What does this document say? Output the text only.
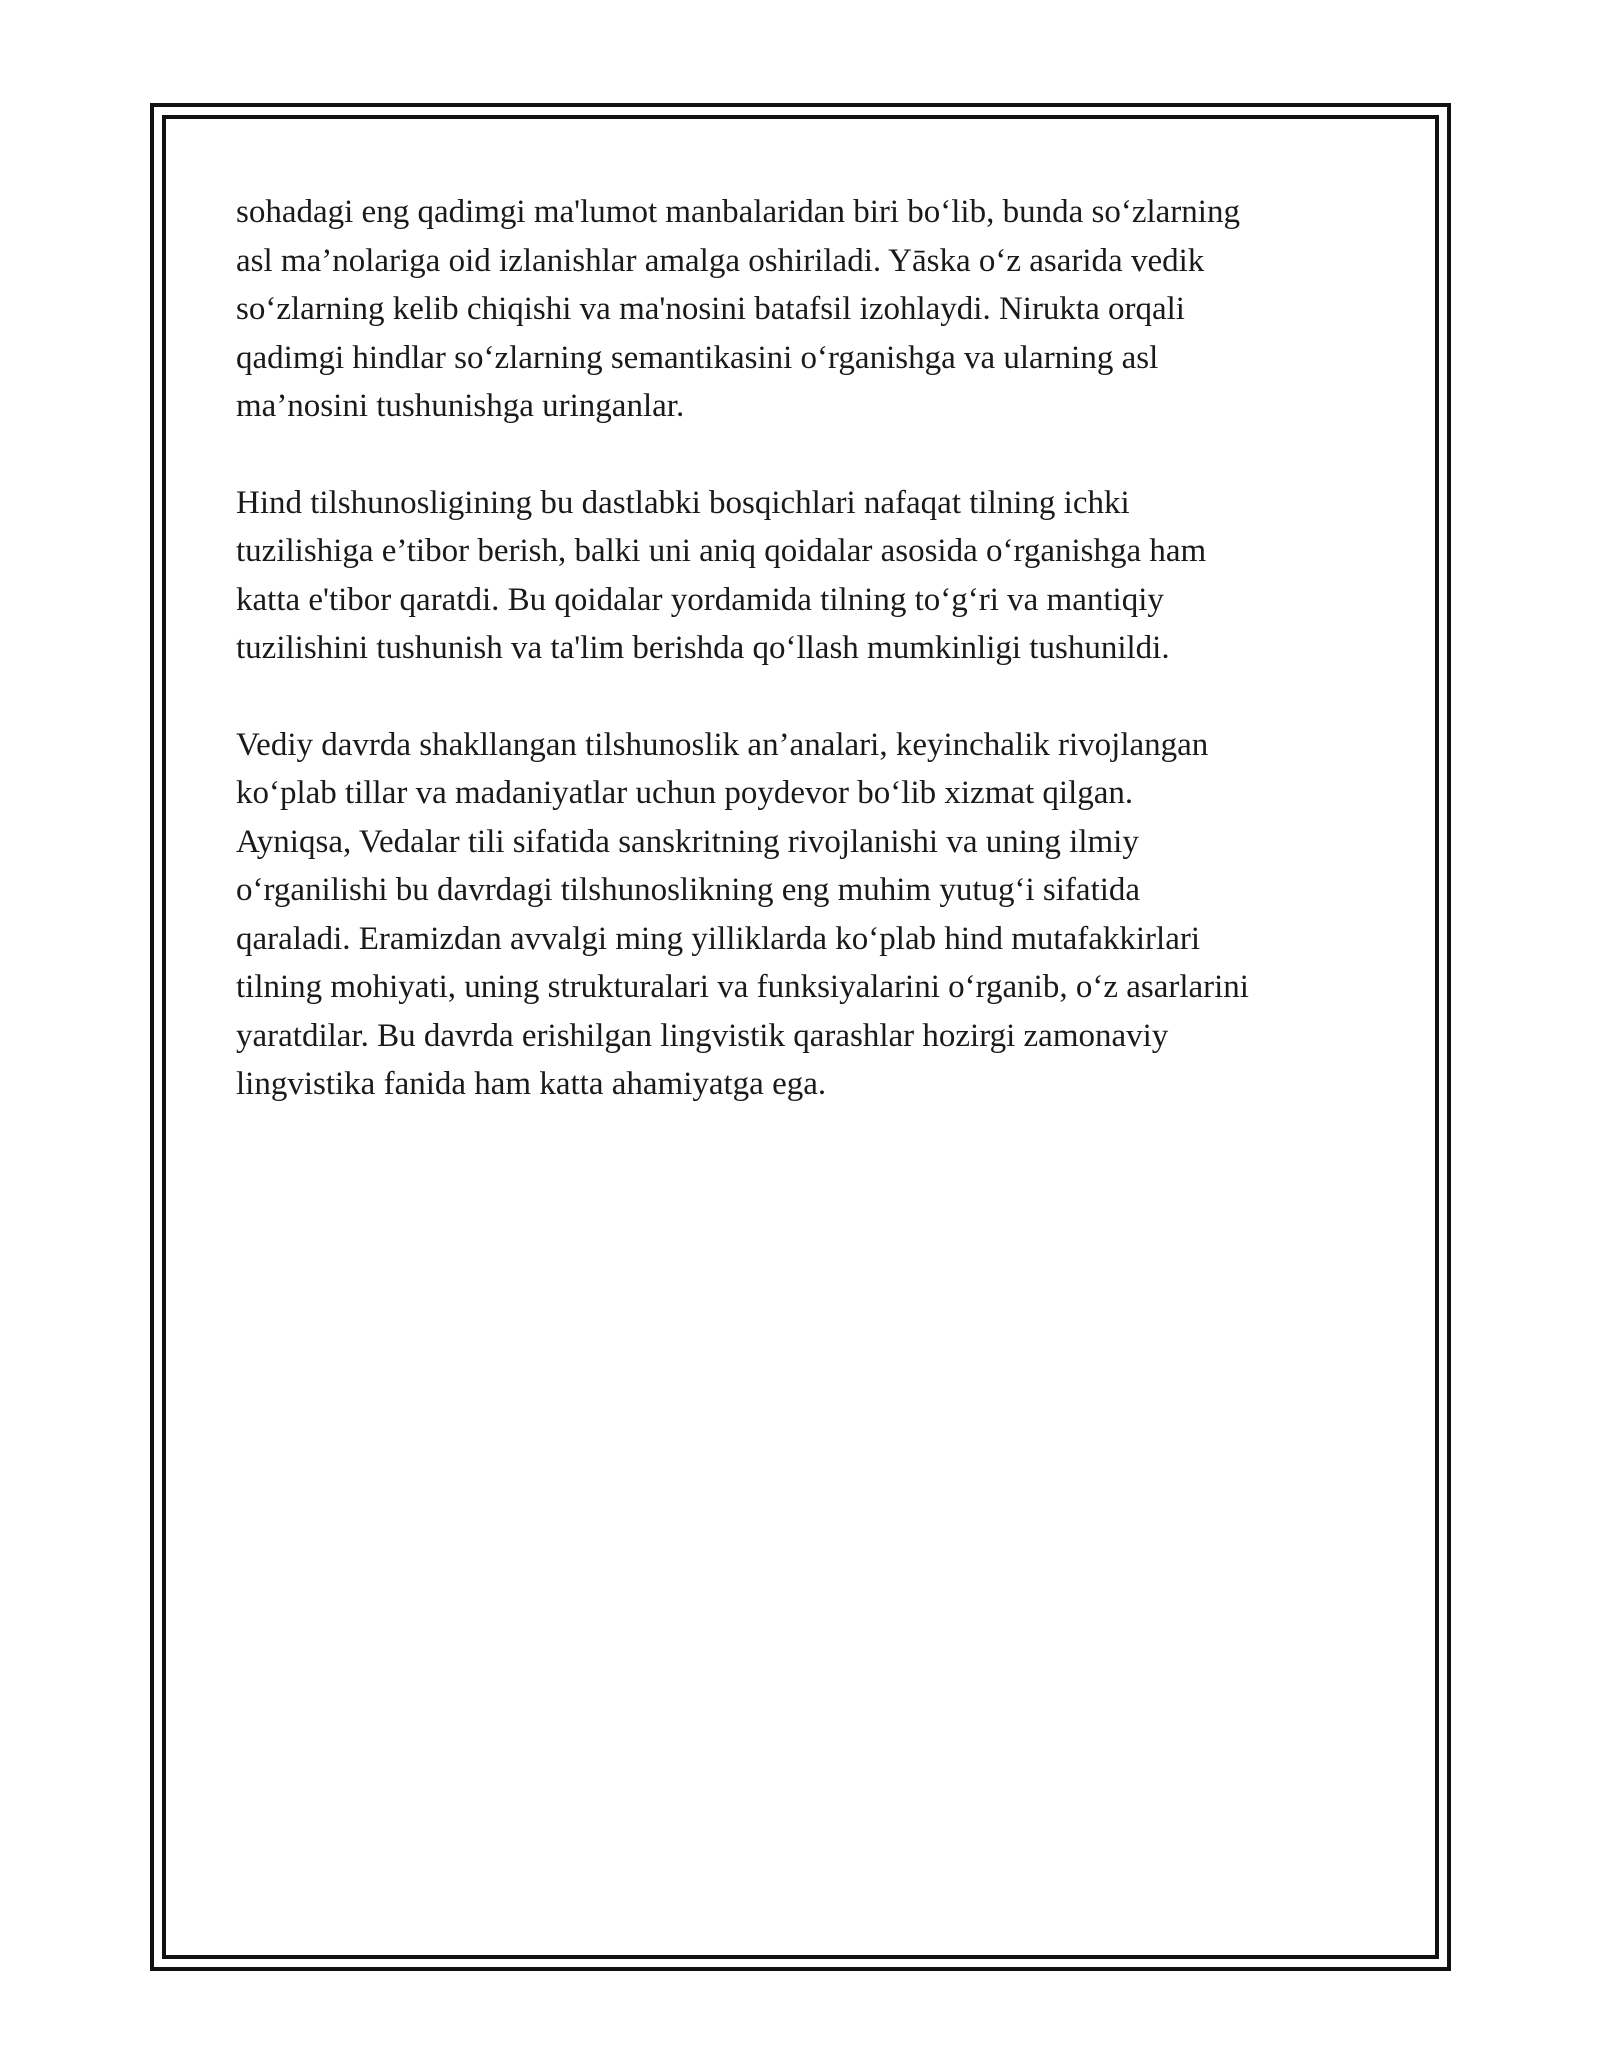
sohadagi eng qadimgi ma'lumot manbalaridan biri bo‘lib, bunda so‘zlarning
asl ma’nolariga oid izlanishlar amalga oshiriladi. Yāska o‘z asarida vedik
so‘zlarning kelib chiqishi va ma'nosini batafsil izohlaydi. Nirukta orqali
qadimgi hindlar so‘zlarning semantikasini o‘rganishga va ularning asl
ma’nosini tushunishga uringanlar.

Hind tilshunosligining bu dastlabki bosqichlari nafaqat tilning ichki
tuzilishiga e’tibor berish, balki uni aniq qoidalar asosida o‘rganishga ham
katta e'tibor qaratdi. Bu qoidalar yordamida tilning to‘g‘ri va mantiqiy
tuzilishini tushunish va ta'lim berishda qo‘llash mumkinligi tushunildi.

Vediy davrda shakllangan tilshunoslik an’analari, keyinchalik rivojlangan
ko‘plab tillar va madaniyatlar uchun poydevor bo‘lib xizmat qilgan.
Ayniqsa, Vedalar tili sifatida sanskritning rivojlanishi va uning ilmiy
o‘rganilishi bu davrdagi tilshunoslikning eng muhim yutug‘i sifatida
qaraladi. Eramizdan avvalgi ming yilliklarda ko‘plab hind mutafakkirlari
tilning mohiyati, uning strukturalari va funksiyalarini o‘rganib, o‘z asarlarini
yaratdilar. Bu davrda erishilgan lingvistik qarashlar hozirgi zamonaviy
lingvistika fanida ham katta ahamiyatga ega.
